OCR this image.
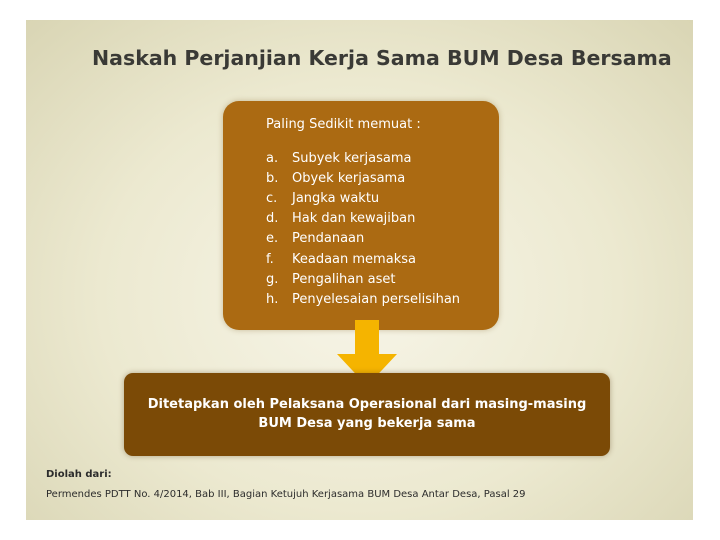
Naskah Perjanjian Kerja Sama BUM Desa Bersama
Paling Sedikit memuat :
a.	Subyek kerjasama
b.	Obyek kerjasama
c.	Jangka waktu
d.	Hak dan kewajiban
e.	Pendanaan
f.	Keadaan memaksa
g.	Pengalihan aset
h.	Penyelesaian perselisihan
Ditetapkan oleh Pelaksana Operasional dari masing-masing
BUM Desa yang bekerja sama
Diolah dari:
Permendes PDTT No. 4/2014, Bab III, Bagian Ketujuh Kerjasama BUM Desa Antar Desa, Pasal 29
